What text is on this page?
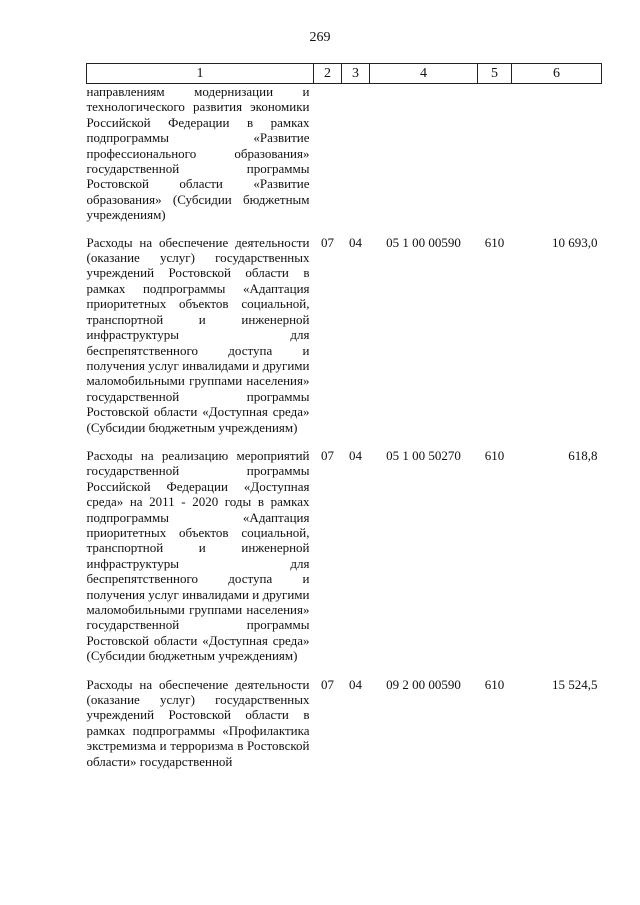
269
1	2	3	4	5	6
направлениям модернизации и технологического развития экономики Российской Федерации в рамках подпрограммы «Развитие профессионального образования» государственной программы Ростовской области «Развитие образования» (Субсидии бюджетным учреждениям)					
Расходы на обеспечение деятельности (оказание услуг) государственных учреждений Ростовской области в рамках подпрограммы «Адаптация приоритетных объектов социальной, транспортной и инженерной инфраструктуры для беспрепятственного доступа и получения услуг инвалидами и другими маломобильными группами населения» государственной программы Ростовской области «Доступная среда» (Субсидии бюджетным учреждениям)	07	04	05 1 00 00590	610	10 693,0
Расходы на реализацию мероприятий государственной программы Российской Федерации «Доступная среда» на 2011 - 2020 годы в рамках подпрограммы «Адаптация приоритетных объектов социальной, транспортной и инженерной инфраструктуры для беспрепятственного доступа и получения услуг инвалидами и другими маломобильными группами населения» государственной программы Ростовской области «Доступная среда» (Субсидии бюджетным учреждениям)	07	04	05 1 00 50270	610	618,8
Расходы на обеспечение деятельности (оказание услуг) государственных учреждений Ростовской области в рамках подпрограммы «Профилактика экстремизма и терроризма в Ростовской области» государственной	07	04	09 2 00 00590	610	15 524,5
